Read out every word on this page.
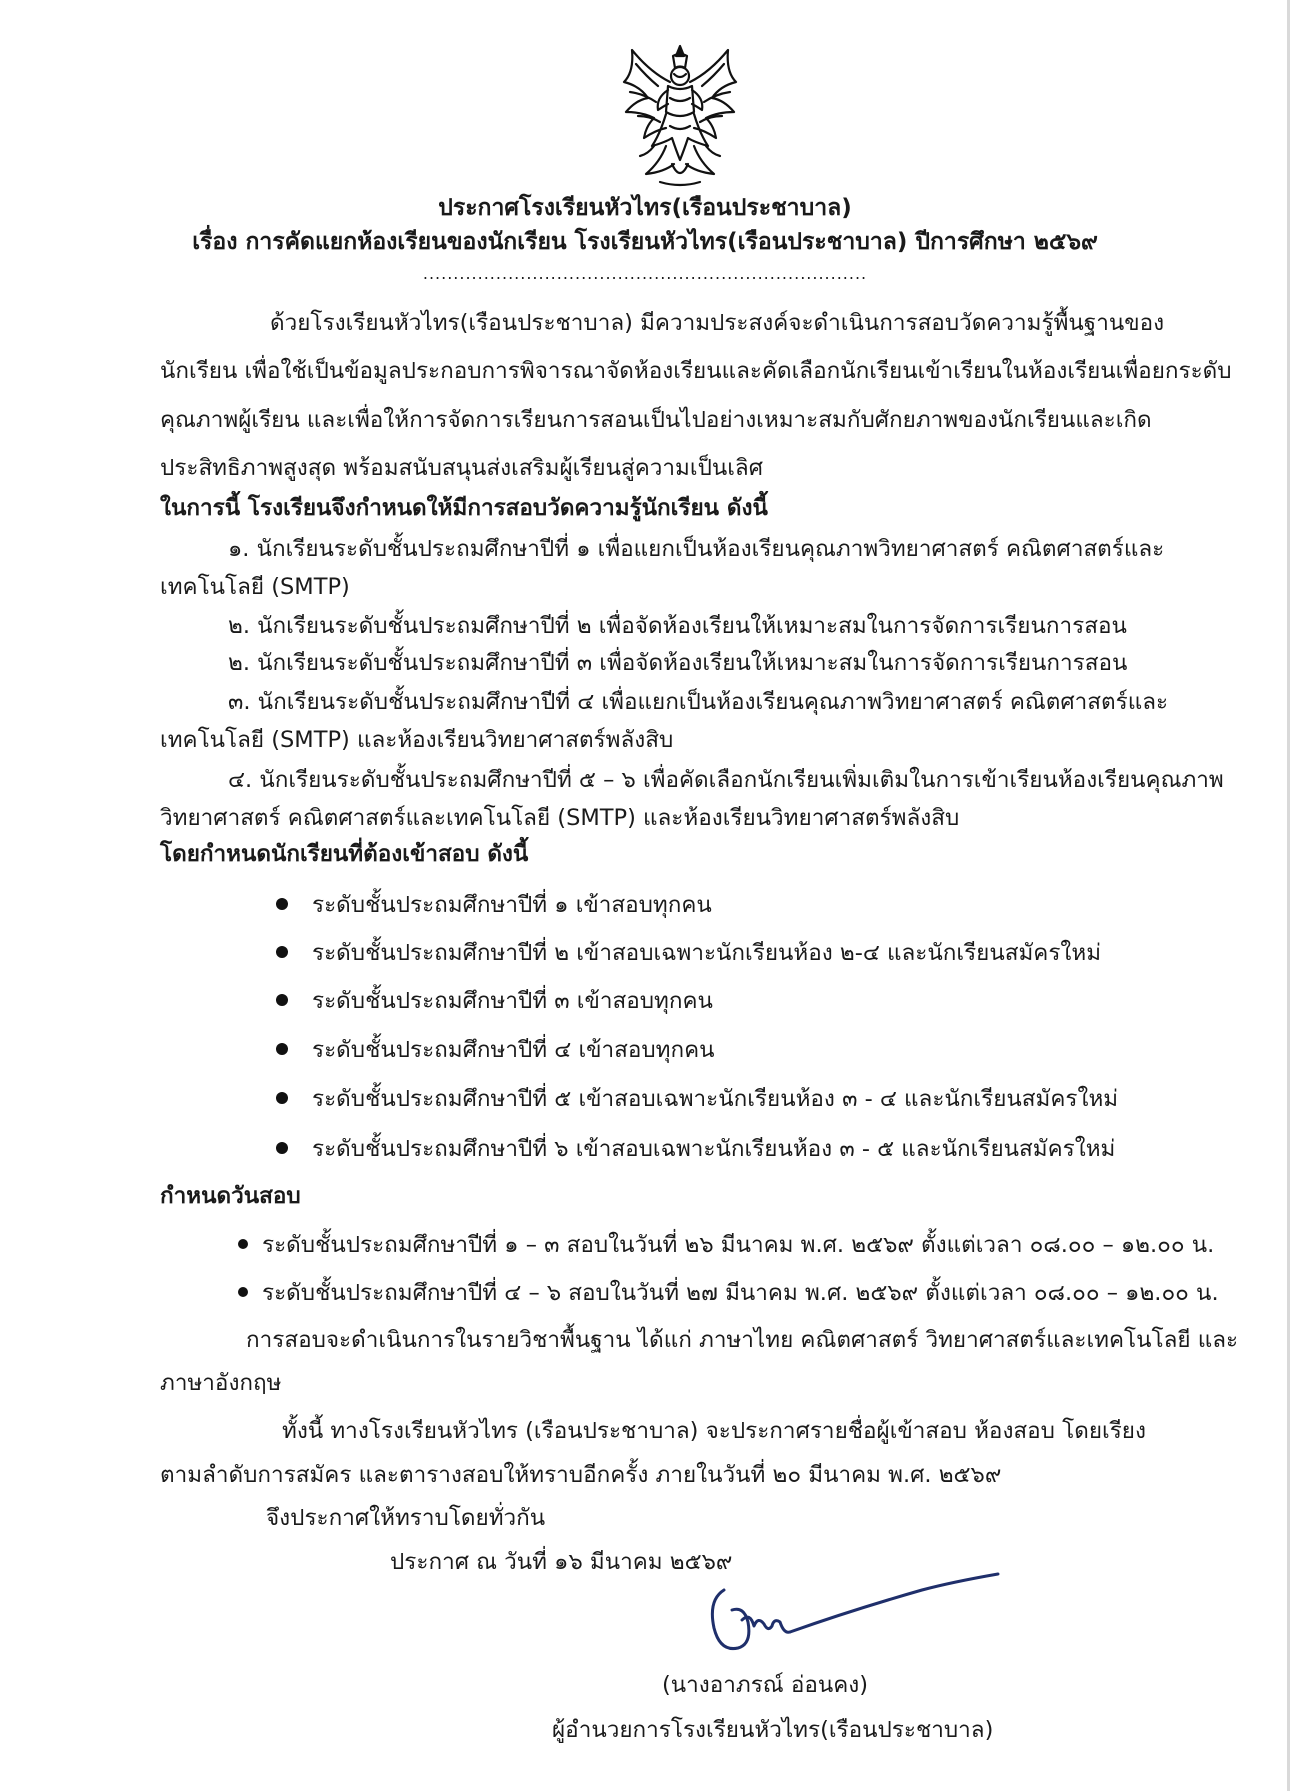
ประกาศโรงเรียนหัวไทร(เรือนประชาบาล)
เรื่อง การคัดแยกห้องเรียนของนักเรียน โรงเรียนหัวไทร(เรือนประชาบาล) ปีการศึกษา ๒๕๖๙
.........................................................................
ด้วยโรงเรียนหัวไทร(เรือนประชาบาล) มีความประสงค์จะดำเนินการสอบวัดความรู้พื้นฐานของ
นักเรียน เพื่อใช้เป็นข้อมูลประกอบการพิจารณาจัดห้องเรียนและคัดเลือกนักเรียนเข้าเรียนในห้องเรียนเพื่อยกระดับ
คุณภาพผู้เรียน และเพื่อให้การจัดการเรียนการสอนเป็นไปอย่างเหมาะสมกับศักยภาพของนักเรียนและเกิด
ประสิทธิภาพสูงสุด พร้อมสนับสนุนส่งเสริมผู้เรียนสู่ความเป็นเลิศ
ในการนี้ โรงเรียนจึงกำหนดให้มีการสอบวัดความรู้นักเรียน ดังนี้
๑. นักเรียนระดับชั้นประถมศึกษาปีที่ ๑ เพื่อแยกเป็นห้องเรียนคุณภาพวิทยาศาสตร์ คณิตศาสตร์และ
เทคโนโลยี (SMTP)
๒. นักเรียนระดับชั้นประถมศึกษาปีที่ ๒ เพื่อจัดห้องเรียนให้เหมาะสมในการจัดการเรียนการสอน
๒. นักเรียนระดับชั้นประถมศึกษาปีที่ ๓ เพื่อจัดห้องเรียนให้เหมาะสมในการจัดการเรียนการสอน
๓. นักเรียนระดับชั้นประถมศึกษาปีที่ ๔ เพื่อแยกเป็นห้องเรียนคุณภาพวิทยาศาสตร์ คณิตศาสตร์และ
เทคโนโลยี (SMTP) และห้องเรียนวิทยาศาสตร์พลังสิบ
๔. นักเรียนระดับชั้นประถมศึกษาปีที่ ๕ – ๖ เพื่อคัดเลือกนักเรียนเพิ่มเติมในการเข้าเรียนห้องเรียนคุณภาพ
วิทยาศาสตร์ คณิตศาสตร์และเทคโนโลยี (SMTP) และห้องเรียนวิทยาศาสตร์พลังสิบ
โดยกำหนดนักเรียนที่ต้องเข้าสอบ ดังนี้
ระดับชั้นประถมศึกษาปีที่ ๑ เข้าสอบทุกคน
ระดับชั้นประถมศึกษาปีที่ ๒ เข้าสอบเฉพาะนักเรียนห้อง ๒-๔ และนักเรียนสมัครใหม่
ระดับชั้นประถมศึกษาปีที่ ๓ เข้าสอบทุกคน
ระดับชั้นประถมศึกษาปีที่ ๔ เข้าสอบทุกคน
ระดับชั้นประถมศึกษาปีที่ ๕ เข้าสอบเฉพาะนักเรียนห้อง ๓ - ๔ และนักเรียนสมัครใหม่
ระดับชั้นประถมศึกษาปีที่ ๖ เข้าสอบเฉพาะนักเรียนห้อง ๓ - ๕ และนักเรียนสมัครใหม่
กำหนดวันสอบ
ระดับชั้นประถมศึกษาปีที่ ๑ – ๓ สอบในวันที่ ๒๖ มีนาคม พ.ศ. ๒๕๖๙ ตั้งแต่เวลา ๐๘.๐๐ – ๑๒.๐๐ น.
ระดับชั้นประถมศึกษาปีที่ ๔ – ๖ สอบในวันที่ ๒๗ มีนาคม พ.ศ. ๒๕๖๙ ตั้งแต่เวลา ๐๘.๐๐ – ๑๒.๐๐ น.
การสอบจะดำเนินการในรายวิชาพื้นฐาน ได้แก่ ภาษาไทย คณิตศาสตร์ วิทยาศาสตร์และเทคโนโลยี และ
ภาษาอังกฤษ
ทั้งนี้ ทางโรงเรียนหัวไทร (เรือนประชาบาล) จะประกาศรายชื่อผู้เข้าสอบ ห้องสอบ โดยเรียง
ตามลำดับการสมัคร และตารางสอบให้ทราบอีกครั้ง ภายในวันที่ ๒๐ มีนาคม พ.ศ. ๒๕๖๙
จึงประกาศให้ทราบโดยทั่วกัน
ประกาศ ณ วันที่ ๑๖ มีนาคม ๒๕๖๙
(นางอาภรณ์ อ่อนคง)
ผู้อำนวยการโรงเรียนหัวไทร(เรือนประชาบาล)
